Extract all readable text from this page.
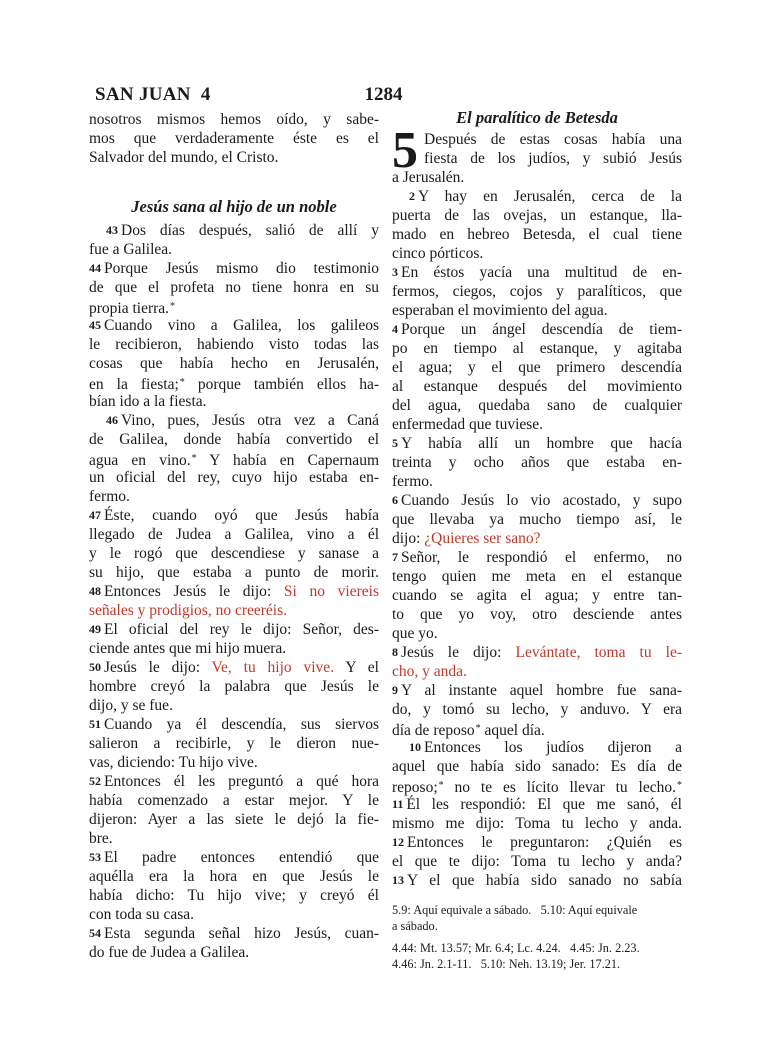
SAN JUAN  4	1284
nosotros mismos hemos oído, y sabe-
mos que verdaderamente éste es el
Salvador del mundo, el Cristo.
Jesús sana al hijo de un noble
43 Dos días después, salió de allí y
fue a Galilea.
44 Porque Jesús mismo dio testimonio
de que el profeta no tiene honra en su
propia tierra.*
45 Cuando vino a Galilea, los galileos
le recibieron, habiendo visto todas las
cosas que había hecho en Jerusalén,
en la fiesta;* porque también ellos ha-
bían ido a la fiesta.
46 Vino, pues, Jesús otra vez a Caná
de Galilea, donde había convertido el
agua en vino.* Y había en Capernaum
un oficial del rey, cuyo hijo estaba en-
fermo.
47 Éste, cuando oyó que Jesús había
llegado de Judea a Galilea, vino a él
y le rogó que descendiese y sanase a
su hijo, que estaba a punto de morir.
48 Entonces Jesús le dijo: Si no viereis
señales y prodigios, no creeréis.
49 El oficial del rey le dijo: Señor, des-
ciende antes que mi hijo muera.
50 Jesús le dijo: Ve, tu hijo vive. Y el
hombre creyó la palabra que Jesús le
dijo, y se fue.
51 Cuando ya él descendía, sus siervos
salieron a recibirle, y le dieron nue-
vas, diciendo: Tu hijo vive.
52 Entonces él les preguntó a qué hora
había comenzado a estar mejor. Y le
dijeron: Ayer a las siete le dejó la fie-
bre.
53 El padre entonces entendió que
aquélla era la hora en que Jesús le
había dicho: Tu hijo vive; y creyó él
con toda su casa.
54 Esta segunda señal hizo Jesús, cuan-
do fue de Judea a Galilea.
El paralítico de Betesda
5 Después de estas cosas había una
fiesta de los judíos, y subió Jesús
a Jerusalén.
2 Y hay en Jerusalén, cerca de la
puerta de las ovejas, un estanque, lla-
mado en hebreo Betesda, el cual tiene
cinco pórticos.
3 En éstos yacía una multitud de en-
fermos, ciegos, cojos y paralíticos, que
esperaban el movimiento del agua.
4 Porque un ángel descendía de tiem-
po en tiempo al estanque, y agitaba
el agua; y el que primero descendía
al estanque después del movimiento
del agua, quedaba sano de cualquier
enfermedad que tuviese.
5 Y había allí un hombre que hacía
treinta y ocho años que estaba en-
fermo.
6 Cuando Jesús lo vio acostado, y supo
que llevaba ya mucho tiempo así, le
dijo: ¿Quieres ser sano?
7 Señor, le respondió el enfermo, no
tengo quien me meta en el estanque
cuando se agita el agua; y entre tan-
to que yo voy, otro desciende antes
que yo.
8 Jesús le dijo: Levántate, toma tu le-
cho, y anda.
9 Y al instante aquel hombre fue sana-
do, y tomó su lecho, y anduvo. Y era
día de reposo* aquel día.
10 Entonces los judíos dijeron a
aquel que había sido sanado: Es día de
reposo;* no te es lícito llevar tu lecho.*
11 Él les respondió: El que me sanó, él
mismo me dijo: Toma tu lecho y anda.
12 Entonces le preguntaron: ¿Quién es
el que te dijo: Toma tu lecho y anda?
13 Y el que había sido sanado no sabía
5.9: Aquí equivale a sábado.   5.10: Aquí equivale
a sábado.
4.44: Mt. 13.57; Mr. 6.4; Lc. 4.24.   4.45: Jn. 2.23.
4.46: Jn. 2.1-11.   5.10: Neh. 13.19; Jer. 17.21.
